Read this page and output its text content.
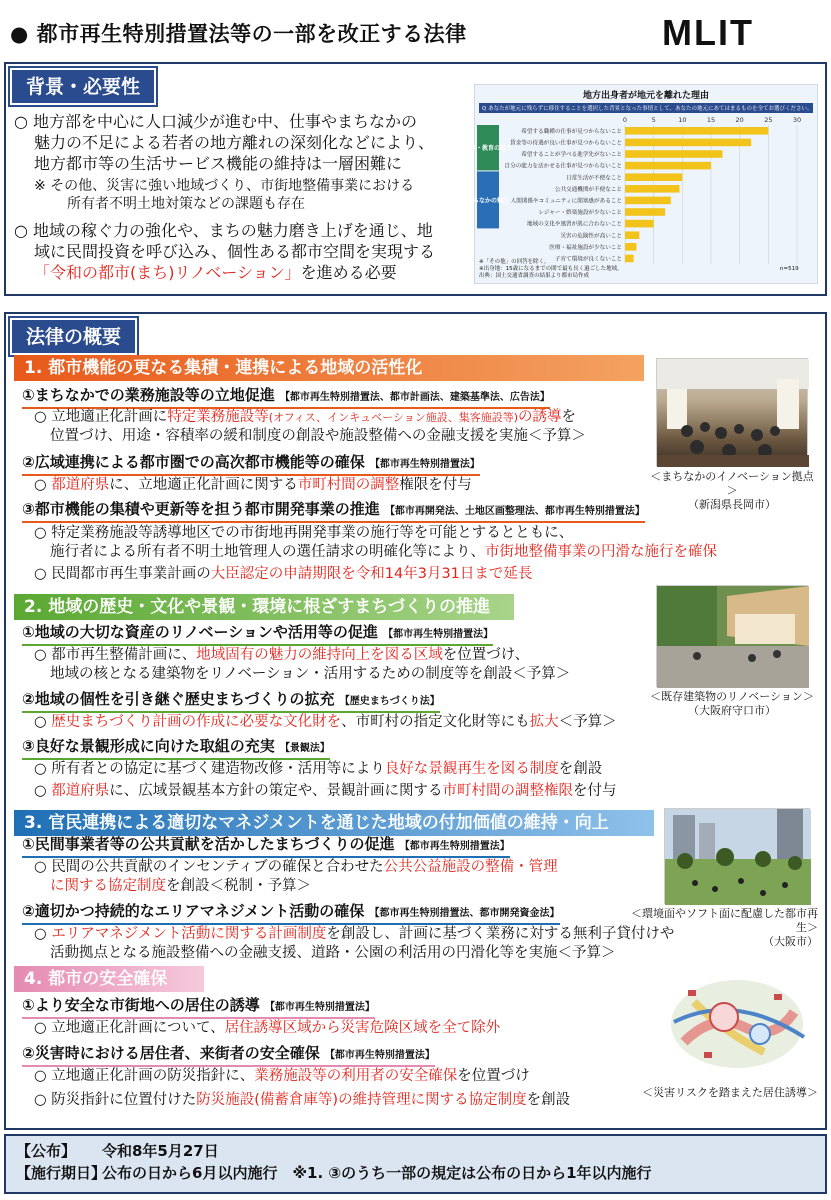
● 都市再生特別措置法等の一部を改正する法律	MLIT
背景・必要性
○ 地方部を中心に人口減少が進む中、仕事やまちなかの
魅力の不足による若者の地方離れの深刻化などにより、
地方都市等の生活サービス機能の維持は一層困難に
※ その他、災害に強い地域づくり、市街地整備事業における
所有者不明土地対策などの課題も存在
○ 地域の稼ぐ力の強化や、まちの魅力磨き上げを通じ、地
域に民間投資を呼び込み、個性ある都市空間を実現する
「令和の都市(まち)リノベーション」を進める必要
地方出身者が地元を離れた理由
Q あなたが地元に残らずに移住することを選択した背景となった事情として、あなたの地元にあてはまるものを全てお選びください。
仕事・教育の魅力
まちなかの魅力
0	5	10	15	20	25	30
希望する職種の仕事が見つからないこと
賃金等の待遇が良い仕事が見つからないこと
希望することが学べる進学先がないこと
自分の能力を活かせる仕事が見つからないこと
日常生活が不便なこと
公共交通機関が不便なこと
人間関係やコミュニティに閉塞感があること
レジャー・娯楽施設が少ないこと
地域の文化や風習が肌に合わないこと
災害の危険性が高いこと
医療・福祉施設が少ないこと
子育て環境が良くないこと
※「その他」の回答を除く。
※出身地：15歳になるまでの間で最も長く過ごした地域。
出典：国土交通省調査の結果より都市局作成
n=519
法律の概要
1. 都市機能の更なる集積・連携による地域の活性化
①まちなかでの業務施設等の立地促進 【都市再生特別措置法、都市計画法、建築基準法、広告法】
○ 立地適正化計画に特定業務施設等(オフィス、インキュベーション施設、集客施設等)の誘導を
位置づけ、用途・容積率の緩和制度の創設や施設整備への金融支援を実施＜予算＞
②広域連携による都市圏での高次都市機能等の確保 【都市再生特別措置法】
○ 都道府県に、立地適正化計画に関する市町村間の調整権限を付与
③都市機能の集積や更新等を担う都市開発事業の推進 【都市再開発法、土地区画整理法、都市再生特別措置法】
○ 特定業務施設等誘導地区での市街地再開発事業の施行等を可能とするとともに、
施行者による所有者不明土地管理人の選任請求の明確化等により、市街地整備事業の円滑な施行を確保
○ 民間都市再生事業計画の大臣認定の申請期限を令和14年3月31日まで延長
＜まちなかのイノベーション拠点＞
（新潟県長岡市）
2. 地域の歴史・文化や景観・環境に根ざすまちづくりの推進
①地域の大切な資産のリノベーションや活用等の促進 【都市再生特別措置法】
○ 都市再生整備計画に、地域固有の魅力の維持向上を図る区域を位置づけ、
地域の核となる建築物をリノベーション・活用するための制度等を創設＜予算＞
②地域の個性を引き継ぐ歴史まちづくりの拡充 【歴史まちづくり法】
○ 歴史まちづくり計画の作成に必要な文化財を、市町村の指定文化財等にも拡大＜予算＞
③良好な景観形成に向けた取組の充実 【景観法】
○ 所有者との協定に基づく建造物改修・活用等により良好な景観再生を図る制度を創設
○ 都道府県に、広域景観基本方針の策定や、景観計画に関する市町村間の調整権限を付与
＜既存建築物のリノベーション＞
（大阪府守口市）
3. 官民連携による適切なマネジメントを通じた地域の付加価値の維持・向上
①民間事業者等の公共貢献を活かしたまちづくりの促進 【都市再生特別措置法】
○ 民間の公共貢献のインセンティブの確保と合わせた公共公益施設の整備・管理
に関する協定制度を創設＜税制・予算＞
②適切かつ持続的なエリアマネジメント活動の確保 【都市再生特別措置法、都市開発資金法】
○ エリアマネジメント活動に関する計画制度を創設し、計画に基づく業務に対する無利子貸付けや
活動拠点となる施設整備への金融支援、道路・公園の利活用の円滑化等を実施＜予算＞
＜環境面やソフト面に配慮した都市再生＞
（大阪市）
4. 都市の安全確保
①より安全な市街地への居住の誘導 【都市再生特別措置法】
○ 立地適正化計画について、居住誘導区域から災害危険区域を全て除外
②災害時における居住者、来街者の安全確保 【都市再生特別措置法】
○ 立地適正化計画の防災指針に、業務施設等の利用者の安全確保を位置づけ
○ 防災指針に位置付けた防災施設(備蓄倉庫等)の維持管理に関する協定制度を創設	＜災害リスクを踏まえた居住誘導＞
【公布】 令和8年5月27日
【施行期日】公布の日から6月以内施行　※1. ③のうち一部の規定は公布の日から1年以内施行
